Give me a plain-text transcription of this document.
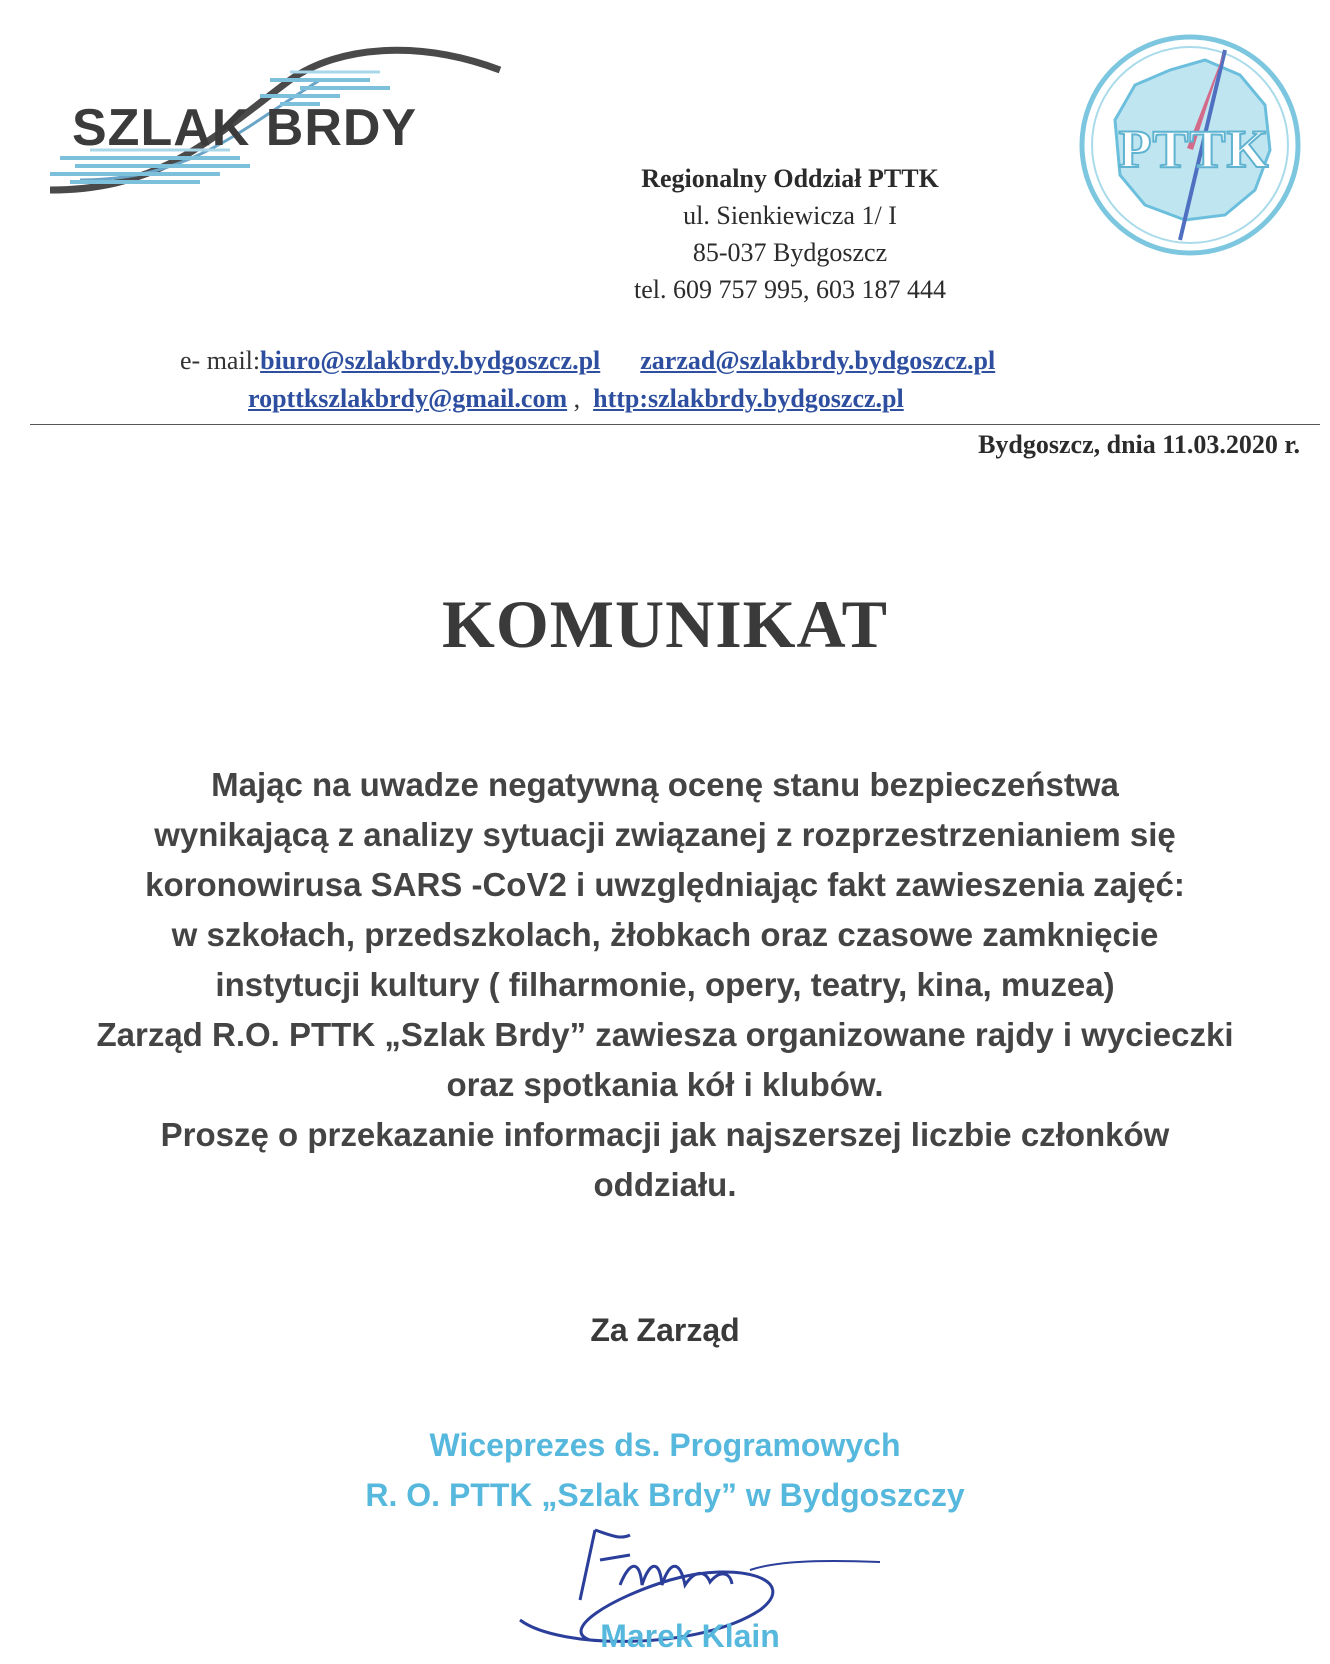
SZLAK BRDY	PTTK
Regionalny Oddział PTTK
ul. Sienkiewicza 1/ I
85-037 Bydgoszcz
tel. 609 757 995, 603 187 444
e- mail:biuro@szlakbrdy.bydgoszcz.pl zarzad@szlakbrdy.bydgoszcz.pl
ropttkszlakbrdy@gmail.com ,  http:szlakbrdy.bydgoszcz.pl
Bydgoszcz, dnia 11.03.2020 r.
KOMUNIKAT
Mając na uwadze negatywną ocenę stanu bezpieczeństwa
wynikającą z analizy sytuacji związanej z rozprzestrzenianiem się
koronowirusa SARS -CoV2 i uwzględniając fakt zawieszenia zajęć:
w szkołach, przedszkolach, żłobkach oraz czasowe zamknięcie
instytucji kultury ( filharmonie, opery, teatry, kina, muzea)
Zarząd R.O. PTTK „Szlak Brdy” zawiesza organizowane rajdy i wycieczki
oraz spotkania kół i klubów.
Proszę o przekazanie informacji jak najszerszej liczbie członków
oddziału.
Za Zarząd
Wiceprezes ds. Programowych
R. O. PTTK „Szlak Brdy” w Bydgoszczy
Marek Klain
